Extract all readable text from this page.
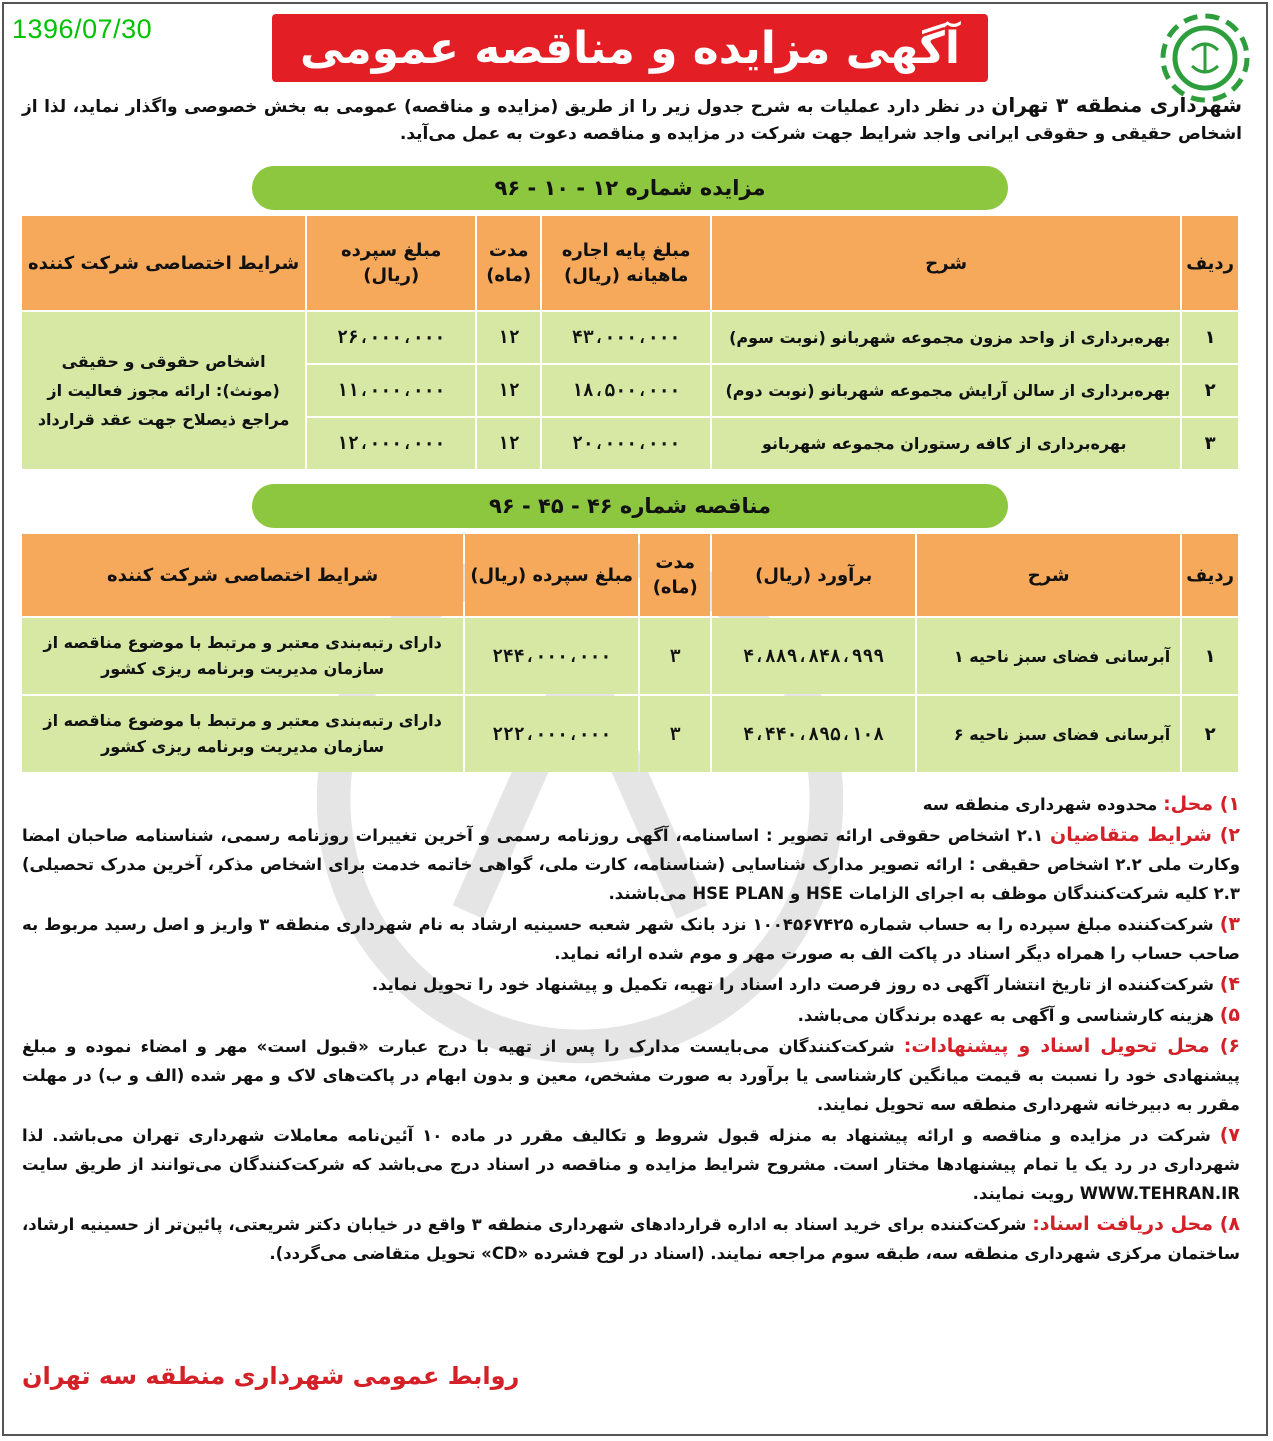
1396/07/30	آگهی مزایده و مناقصه عمومی
شهرداری منطقه ۳ تهران در نظر دارد عملیات به شرح جدول زیر را از طریق (مزایده و مناقصه) عمومی به بخش خصوصی واگذار نماید، لذا از اشخاص حقیقی و حقوقی ایرانی واجد شرایط جهت شرکت در مزایده و مناقصه دعوت به عمل می‌آید.
مزایده شماره ۱۲ - ۱۰ - ۹۶
ردیف	شرح	مبلغ پایه اجاره ماهیانه (ریال)	مدت (ماه)	مبلغ سپرده (ریال)	شرایط اختصاصی شرکت کننده
۱	بهره‌برداری از واحد مزون مجموعه شهربانو (نوبت سوم)	۴۳،۰۰۰،۰۰۰	۱۲	۲۶،۰۰۰،۰۰۰	اشخاص حقوقی و حقیقی (مونث): ارائه مجوز فعالیت از مراجع ذیصلاح جهت عقد قرارداد
۲	بهره‌برداری از سالن آرایش مجموعه شهربانو (نوبت دوم)	۱۸،۵۰۰،۰۰۰	۱۲	۱۱،۰۰۰،۰۰۰	
۳	بهره‌برداری از کافه رستوران مجموعه شهربانو	۲۰،۰۰۰،۰۰۰	۱۲	۱۲،۰۰۰،۰۰۰	
مناقصه شماره ۴۶ - ۴۵ - ۹۶
ردیف	شرح	برآورد (ریال)	مدت (ماه)	مبلغ سپرده (ریال)	شرایط اختصاصی شرکت کننده
۱	آبرسانی فضای سبز ناحیه ۱	۴،۸۸۹،۸۴۸،۹۹۹	۳	۲۴۴،۰۰۰،۰۰۰	دارای رتبه‌بندی معتبر و مرتبط با موضوع مناقصه از سازمان مدیریت وبرنامه ریزی کشور
۲	آبرسانی فضای سبز ناحیه ۶	۴،۴۴۰،۸۹۵،۱۰۸	۳	۲۲۲،۰۰۰،۰۰۰	دارای رتبه‌بندی معتبر و مرتبط با موضوع مناقصه از سازمان مدیریت وبرنامه ریزی کشور

۱) محل: محدوده شهرداری منطقه سه

۲) شرایط متقاضیان ۲.۱ اشخاص حقوقی ارائه تصویر : اساسنامه، آگهی روزنامه رسمی و آخرین تغییرات روزنامه رسمی، شناسنامه صاحبان امضا وکارت ملی ۲.۲ اشخاص حقیقی : ارائه تصویر مدارک شناسایی (شناسنامه، کارت ملی، گواهی خاتمه خدمت برای اشخاص مذکر، آخرین مدرک تحصیلی) ۲.۳ کلیه شرکت‌کنندگان موظف به اجرای الزامات HSE و HSE PLAN می‌باشند.

۳) شرکت‌کننده مبلغ سپرده را به حساب شماره ۱۰۰۴۵۶۷۴۲۵ نزد بانک شهر شعبه حسینیه ارشاد به نام شهرداری منطقه ۳ واریز و اصل رسید مربوط به صاحب حساب را همراه دیگر اسناد در پاکت الف به صورت مهر و موم شده ارائه نماید.

۴) شرکت‌کننده از تاریخ انتشار آگهی ده روز فرصت دارد اسناد را تهیه، تکمیل و پیشنهاد خود را تحویل نماید.

۵) هزینه کارشناسی و آگهی به عهده برندگان می‌باشد.

۶) محل تحویل اسناد و پیشنهادات: شرکت‌کنندگان می‌بایست مدارک را پس از تهیه با درج عبارت «قبول است» مهر و امضاء نموده و مبلغ پیشنهادی خود را نسبت به قیمت میانگین کارشناسی یا برآورد به صورت مشخص، معین و بدون ابهام در پاکت‌های لاک و مهر شده (الف و ب) در مهلت مقرر به دبیرخانه شهرداری منطقه سه تحویل نمایند.

۷) شرکت در مزایده و مناقصه و ارائه پیشنهاد به منزله قبول شروط و تکالیف مقرر در ماده ۱۰ آئین‌نامه معاملات شهرداری تهران می‌باشد. لذا شهرداری در رد یک یا تمام پیشنهادها مختار است. مشروح شرایط مزایده و مناقصه در اسناد درج می‌باشد که شرکت‌کنندگان می‌توانند از طریق سایت WWW.TEHRAN.IR رویت نمایند.

۸) محل دریافت اسناد: شرکت‌کننده برای خرید اسناد به اداره قراردادهای شهرداری منطقه ۳ واقع در خیابان دکتر شریعتی، پائین‌تر از حسینیه ارشاد، ساختمان مرکزی شهرداری منطقه سه، طبقه سوم مراجعه نمایند. (اسناد در لوح فشرده «CD» تحویل متقاضی می‌گردد).

روابط عمومی شهرداری منطقه سه تهران
